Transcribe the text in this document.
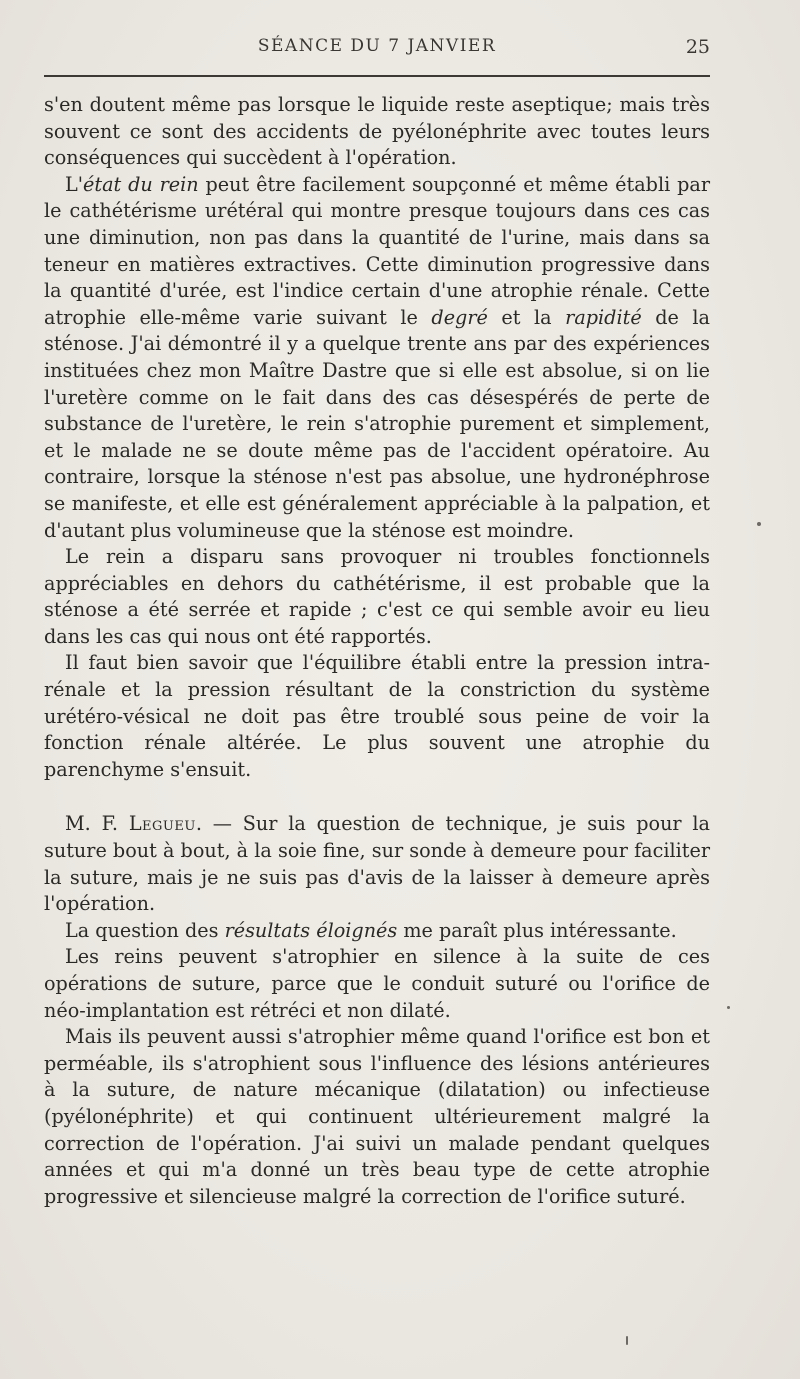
SÉANCE DU 7 JANVIER	25

s'en doutent même pas lorsque le liquide reste aseptique; mais très souvent ce sont des accidents de pyélonéphrite avec toutes leurs conséquences qui succèdent à l'opération.

L'état du rein peut être facilement soupçonné et même établi par le cathétérisme urétéral qui montre presque toujours dans ces cas une diminution, non pas dans la quantité de l'urine, mais dans sa teneur en matières extractives. Cette diminution progressive dans la quantité d'urée, est l'indice certain d'une atrophie rénale. Cette atrophie elle-même varie suivant le degré et la rapidité de la sténose. J'ai démontré il y a quelque trente ans par des expériences instituées chez mon Maître Dastre que si elle est absolue, si on lie l'uretère comme on le fait dans des cas désespérés de perte de substance de l'uretère, le rein s'atrophie purement et simplement, et le malade ne se doute même pas de l'accident opératoire. Au contraire, lorsque la sténose n'est pas absolue, une hydronéphrose se manifeste, et elle est généralement appréciable à la palpation, et d'autant plus volumineuse que la sténose est moindre.

Le rein a disparu sans provoquer ni troubles fonctionnels appréciables en dehors du cathétérisme, il est probable que la sténose a été serrée et rapide ; c'est ce qui semble avoir eu lieu dans les cas qui nous ont été rapportés.

Il faut bien savoir que l'équilibre établi entre la pression intra-rénale et la pression résultant de la constriction du système urétéro-vésical ne doit pas être troublé sous peine de voir la fonction rénale altérée. Le plus souvent une atrophie du parenchyme s'ensuit.

M. F. Legueu. — Sur la question de technique, je suis pour la suture bout à bout, à la soie fine, sur sonde à demeure pour faciliter la suture, mais je ne suis pas d'avis de la laisser à demeure après l'opération.

La question des résultats éloignés me paraît plus intéressante.

Les reins peuvent s'atrophier en silence à la suite de ces opérations de suture, parce que le conduit suturé ou l'orifice de néo-implantation est rétréci et non dilaté.

Mais ils peuvent aussi s'atrophier même quand l'orifice est bon et perméable, ils s'atrophient sous l'influence des lésions antérieures à la suture, de nature mécanique (dilatation) ou infectieuse (pyélonéphrite) et qui continuent ultérieurement malgré la correction de l'opération. J'ai suivi un malade pendant quelques années et qui m'a donné un très beau type de cette atrophie progressive et silencieuse malgré la correction de l'orifice suturé.
